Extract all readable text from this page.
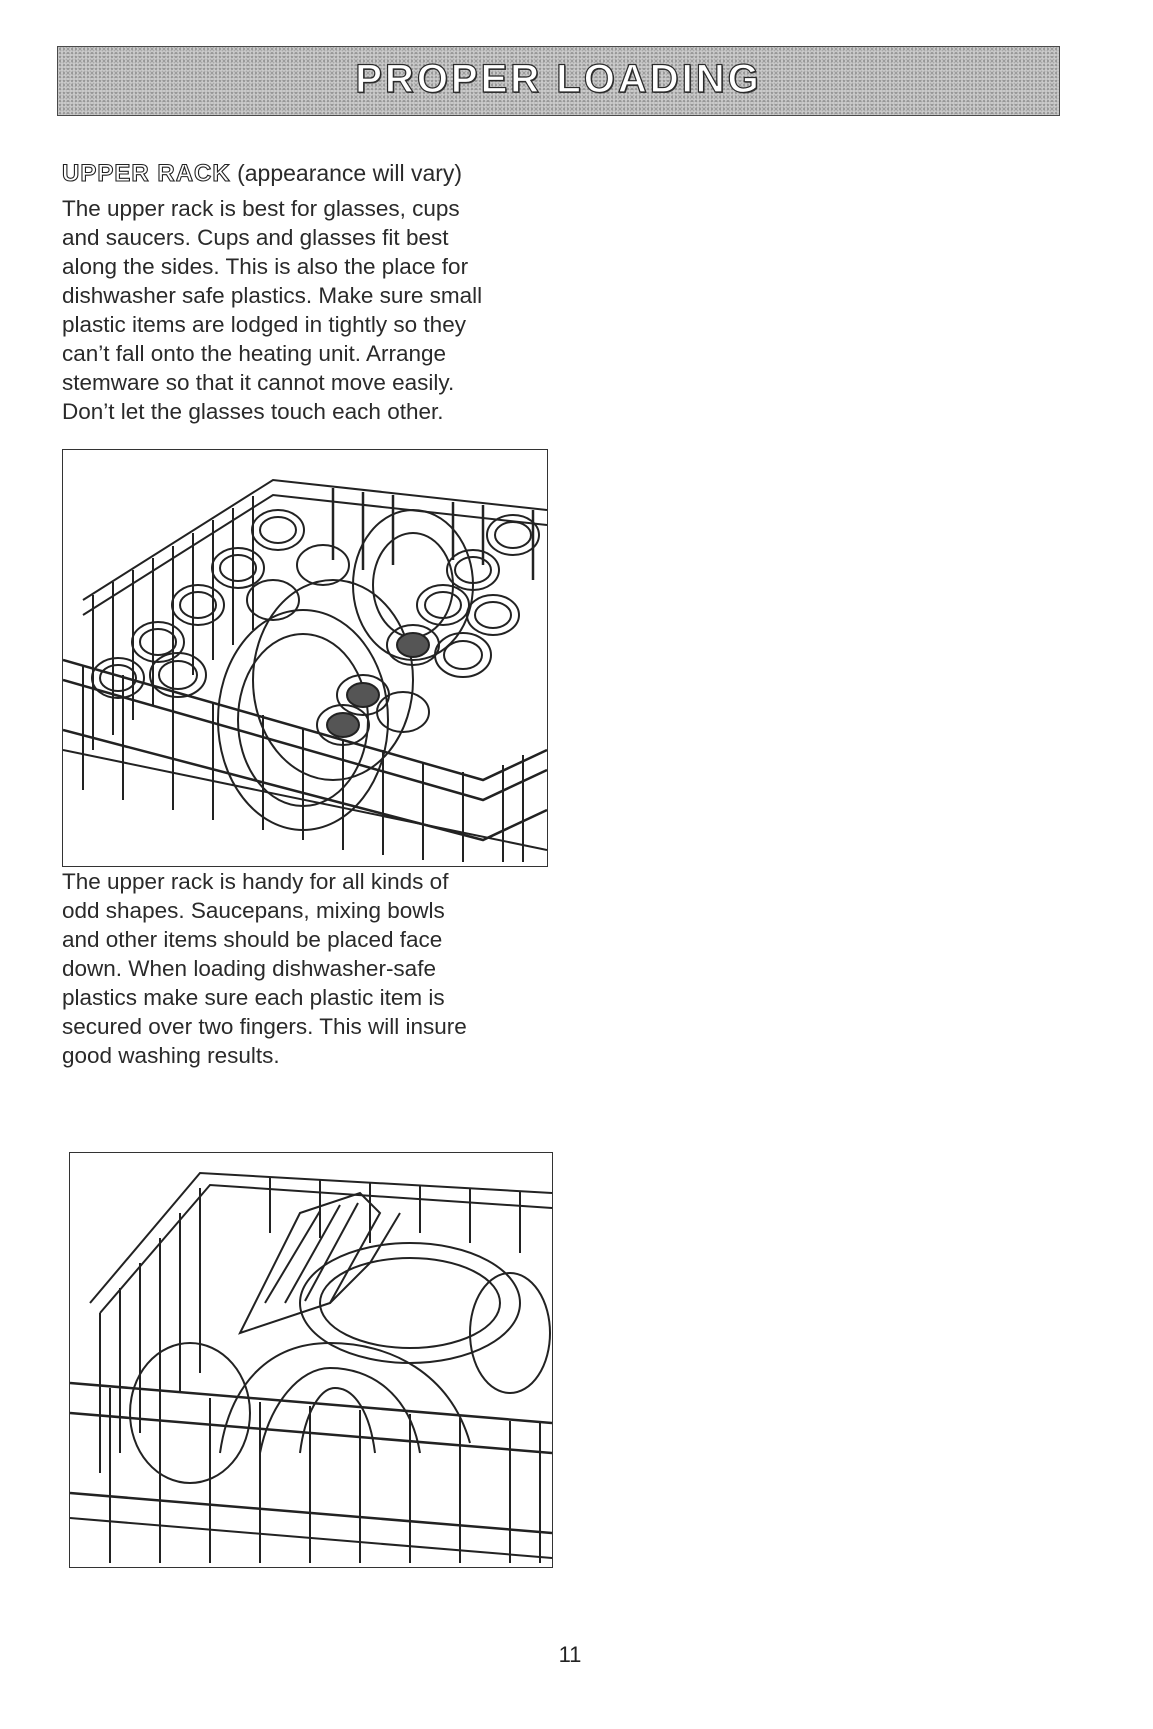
PROPER LOADING
UPPER RACK (appearance will vary)
The upper rack is best for glasses, cups
and saucers. Cups and glasses fit best
along the sides. This is also the place for
dishwasher safe plastics. Make sure small
plastic items are lodged in tightly so they
can’t fall onto the heating unit. Arrange
stemware so that it cannot move easily.
Don’t let the glasses touch each other.
The upper rack is handy for all kinds of
odd shapes. Saucepans, mixing bowls
and other items should be placed face
down. When loading dishwasher-safe
plastics make sure each plastic item is
secured over two fingers. This will insure
good washing results.
11
